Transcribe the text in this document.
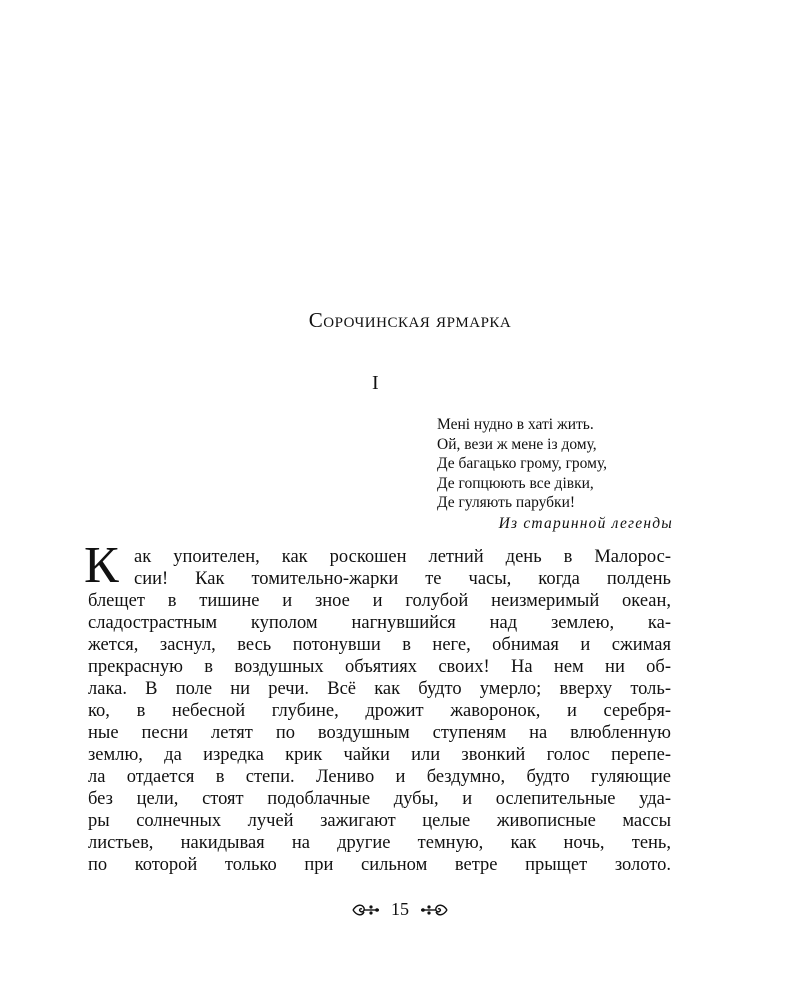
Сорочинская ярмарка
I
Мені нудно в хаті жить.
Ой, вези ж мене із дому,
Де багацько грому, грому,
Де гопцюють все дівки,
Де гуляють парубки!
Из старинной легенды
К ак упоителен, как роскошен летний день в Малорос-
сии! Как томительно-жарки те часы, когда полдень
блещет в тишине и зное и голубой неизмеримый океан,
сладострастным куполом нагнувшийся над землею, ка-
жется, заснул, весь потонувши в неге, обнимая и сжимая
прекрасную в воздушных объятиях своих! На нем ни об-
лака. В поле ни речи. Всё как будто умерло; вверху толь-
ко, в небесной глубине, дрожит жаворонок, и серебря-
ные песни летят по воздушным ступеням на влюбленную
землю, да изредка крик чайки или звонкий голос перепе-
ла отдается в степи. Лениво и бездумно, будто гуляющие
без цели, стоят подоблачные дубы, и ослепительные уда-
ры солнечных лучей зажигают целые живописные массы
листьев, накидывая на другие темную, как ночь, тень,
по которой только при сильном ветре прыщет золото.
15
